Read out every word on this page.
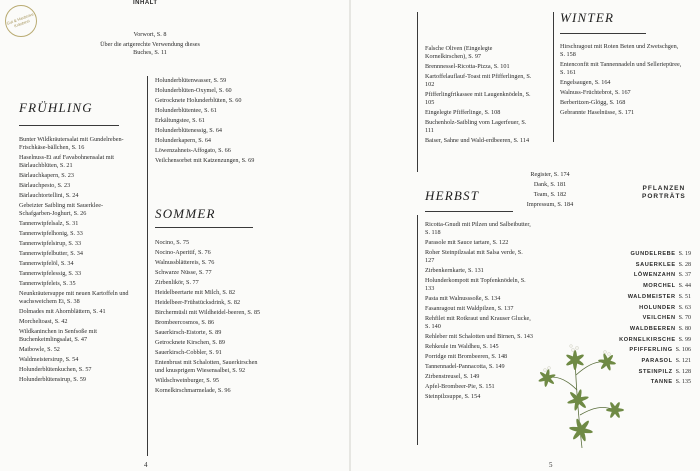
Gut & Hauterive Kräuterei
INHALT

Vorwort, S. 8

Über die artgerechte Verwendung dieses Buches, S. 11

FRÜHLING

Bunter Wildkräutersalat mit Gundelreben-Frischkäse-bällchen, S. 16

Haselnuss-Ei auf Favabohnensalat mit Bärlauchblüten, S. 21

Bärlauchkapern, S. 23

Bärlauchpesto, S. 23

Bärlauchtortellini, S. 24

Gebeizter Saibling mit Sauerklee-Schafgarben-Joghurt, S. 26

Tannenwipfelsalz, S. 31

Tannenwipfelhonig, S. 33

Tannenwipfelsirup, S. 33

Tannenwipfelbutter, S. 34

Tannenwipfelöl, S. 34

Tannenwipfelessig, S. 33

Tannenwipfeleis, S. 35

Neunkräutersuppe mit neuen Kartoffeln und wachsweichem Ei, S. 38

Dolmades mit Ahornblättern, S. 41

Morcheltoast, S. 42

Wildkaninchen in Senfsoße mit Buchenkeimlingsalat, S. 47

Maibowle, S. 52

Waldmeistersirup, S. 54

Holunderblütenkuchen, S. 57

Holunderblütensirup, S. 59

Holunderblütenwasser, S. 59

Holunderblüten-Oxymel, S. 60

Getrocknete Holunderblüten, S. 60

Holunderblütentee, S. 61

Erkältungstee, S. 61

Holunderblütenessig, S. 64

Holunderkapern, S. 64

Löwenzahneis-Affogato, S. 66

Veilchensorbet mit Katzenzungen, S. 69

SOMMER

Nocino, S. 75

Nocino-Aperitif, S. 76

Walnussblättereis, S. 76

Schwarze Nüsse, S. 77

Zirbenlikör, S. 77

Heidelbeertarte mit Milch, S. 82

Heidelbeer-Frühstücksdrink, S. 82

Birchermüsli mit Wildheidel-beeren, S. 85

Brombeercosmos, S. 86

Sauerkirsch-Eistorte, S. 89

Getrocknete Kirschen, S. 89

Sauerkirsch-Cobbler, S. 91

Entenbrust mit Schalotten, Sauerkirschen und knusprigem Wiesensalbei, S. 92

Wildschweinburger, S. 95

Kornelkirschmarmelade, S. 96

4

Falsche Oliven (Eingelegte Kornelkirschen), S. 97

Brennnessel-Ricotta-Pizza, S. 101

Kartoffelauflauf-Toast mit Pfifferlingen, S. 102

Pfifferlingfrikassee mit Laugenknödeln, S. 105

Eingelegte Pfifferlinge, S. 108

Buchenholz-Saibling vom Lagerfeuer, S. 111

Baiser, Sahne und Wald-erdbeeren, S. 114

WINTER

Hirschragout mit Roten Beten und Zwetschgen, S. 158

Entenconfit mit Tannennadeln und Selleriepüree, S. 161

Engelsaugen, S. 164

Walnuss-Früchtebrot, S. 167

Berberitzen-Glögg, S. 168

Gebrannte Haselnüsse, S. 171

Register, S. 174

Dank, S. 181

Team, S. 182

Impressum, S. 184

HERBST

Ricotta-Gnudi mit Pilzen und Salbeibutter, S. 118

Parasole mit Sauce tartare, S. 122

Roher Steinpilzsalat mit Salsa verde, S. 127

Zirbenkernkarte, S. 131

Holunderkompott mit Topfenknödeln, S. 133

Pasta mit Walnusssoße, S. 134

Fasanragout mit Waldpilzen, S. 137

Rehfilet mit Rotkraut und Krauser Glucke, S. 140

Rehleber mit Schalotten und Birnen, S. 143

Rehkeule im Waldheu, S. 145

Porridge mit Brombeeren, S. 148

Tannennadel-Pannacotta, S. 149

Zirbenstreusel, S. 149

Apfel-Brombeer-Pie, S. 151

Steinpilzsuppe, S. 154

PFLANZEN
PORTRÄTS
GUNDELREBE S. 19
SAUERKLEE S. 28
LÖWENZAHN S. 37
MORCHEL S. 44
WALDMEISTER S. 51
HOLUNDER S. 63
VEILCHEN S. 70
WALDBEEREN S. 80
KORNELKIRSCHE S. 99
PFIFFERLING S. 106
PARASOL S. 121
STEINPILZ S. 128
TANNE S. 135
5
